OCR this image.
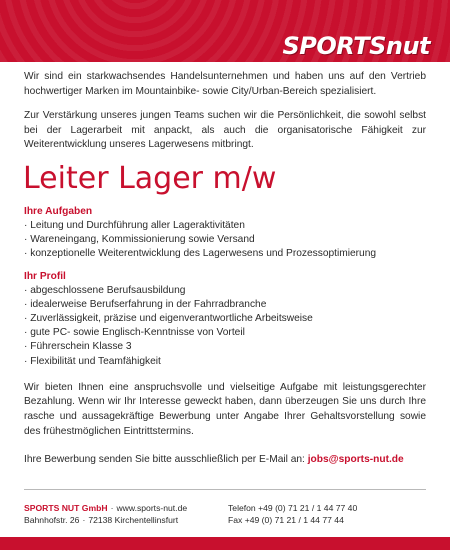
SPORTSnut

Wir sind ein starkwachsendes Handelsunternehmen und haben uns auf den Vertrieb hochwertiger Marken im Mountainbike- sowie City/Urban-Bereich spezialisiert.

Zur Verstärkung unseres jungen Teams suchen wir die Persönlichkeit, die sowohl selbst bei der Lagerarbeit mit anpackt, als auch die organisatorische Fähigkeit zur Weiterentwicklung unseres Lagerwesens mitbringt.

Leiter Lager m/w
Ihre Aufgaben
· Leitung und Durchführung aller Lageraktivitäten
· Wareneingang, Kommissionierung sowie Versand
· konzeptionelle Weiterentwicklung des Lagerwesens und Prozessoptimierung
Ihr Profil
· abgeschlossene Berufsausbildung
· idealerweise Berufserfahrung in der Fahrradbranche
· Zuverlässigkeit, präzise und eigenverantwortliche Arbeitsweise
· gute PC- sowie Englisch-Kenntnisse von Vorteil
· Führerschein Klasse 3
· Flexibilität und Teamfähigkeit

Wir bieten Ihnen eine anspruchsvolle und vielseitige Aufgabe mit leistungsgerechter Bezahlung. Wenn wir Ihr Interesse geweckt haben, dann überzeugen Sie uns durch Ihre rasche und aussagekräftige Bewerbung unter Angabe Ihrer Gehaltsvorstellung sowie des frühestmöglichen Eintrittstermins.

Ihre Bewerbung senden Sie bitte ausschließlich per E-Mail an: jobs@sports-nut.de
SPORTS NUT GmbH · www.sports-nut.de
Bahnhofstr. 26 · 72138 Kirchentellinsfurt
Telefon +49 (0) 71 21 / 1 44 77 40
Fax +49 (0) 71 21 / 1 44 77 44
